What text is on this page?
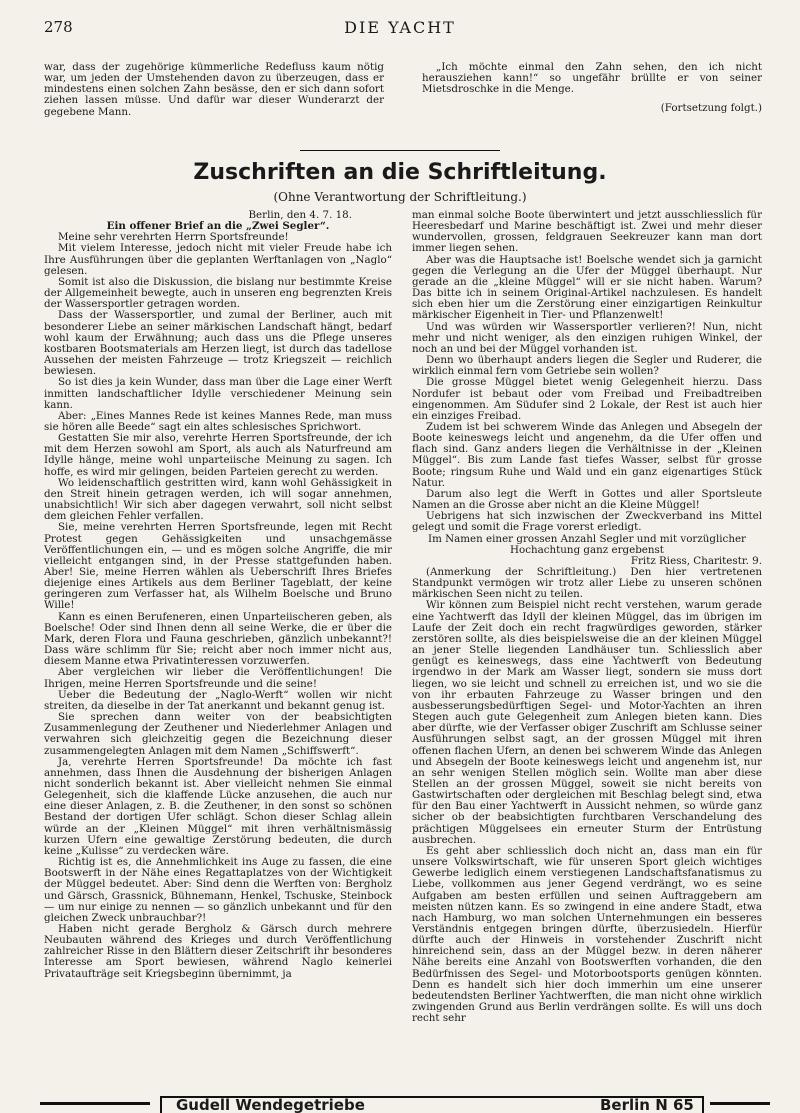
278	DIE YACHT

war, dass der zugehörige kümmerliche Redefluss kaum nötig war, um jeden der Umstehenden davon zu überzeugen, dass er mindestens einen solchen Zahn besässe, den er sich dann sofort ziehen lassen müsse. Und dafür war dieser Wunderarzt der gegebene Mann.

„Ich möchte einmal den Zahn sehen, den ich nicht herausziehen kann!“ so ungefähr brüllte er von seiner Mietsdroschke in die Menge.

(Fortsetzung folgt.)

Zuschriften an die Schriftleitung.
(Ohne Verantwortung der Schriftleitung.)

Berlin, den 4. 7. 18.

Ein offener Brief an die „Zwei Segler“.

Meine sehr verehrten Herrn Sportsfreunde!

Mit vielem Interesse, jedoch nicht mit vieler Freude habe ich Ihre Ausführungen über die geplanten Werftanlagen von „Naglo“ gelesen.

Somit ist also die Diskussion, die bislang nur bestimmte Kreise der Allgemeinheit bewegte, auch in unseren eng begrenzten Kreis der Wassersportler getragen worden.

Dass der Wassersportler, und zumal der Berliner, auch mit besonderer Liebe an seiner märkischen Landschaft hängt, bedarf wohl kaum der Erwähnung; auch dass uns die Pflege unseres kostbaren Bootsmaterials am Herzen liegt, ist durch das tadellose Aussehen der meisten Fahrzeuge — trotz Kriegszeit — reichlich bewiesen.

So ist dies ja kein Wunder, dass man über die Lage einer Werft inmitten landschaftlicher Idylle verschiedener Meinung sein kann.

Aber: „Eines Mannes Rede ist keines Mannes Rede, man muss sie hören alle Beede“ sagt ein altes schlesisches Sprichwort.

Gestatten Sie mir also, verehrte Herren Sportsfreunde, der ich mit dem Herzen sowohl am Sport, als auch als Naturfreund am Idylle hänge, meine wohl unparteiische Meinung zu sagen. Ich hoffe, es wird mir gelingen, beiden Parteien gerecht zu werden.

Wo leidenschaftlich gestritten wird, kann wohl Gehässigkeit in den Streit hinein getragen werden, ich will sogar annehmen, unabsichtlich! Wir sich aber dagegen verwahrt, soll nicht selbst dem gleichen Fehler verfallen.

Sie, meine verehrten Herren Sportsfreunde, legen mit Recht Protest gegen Gehässigkeiten und unsachgemässe Veröffentlichungen ein, — und es mögen solche Angriffe, die mir vielleicht entgangen sind, in der Presse stattgefunden haben. Aber! Sie, meine Herren wählen als Ueberschrift Ihres Briefes diejenige eines Artikels aus dem Berliner Tageblatt, der keine geringeren zum Verfasser hat, als Wilhelm Boelsche und Bruno Wille!

Kann es einen Berufeneren, einen Unparteiischeren geben, als Boelsche! Oder sind Ihnen denn all seine Werke, die er über die Mark, deren Flora und Fauna geschrieben, gänzlich unbekannt?! Dass wäre schlimm für Sie; reicht aber noch immer nicht aus, diesem Manne etwa Privatinteressen vorzuwerfen.

Aber vergleichen wir lieber die Veröffentlichungen! Die Ihrigen, meine Herren Sportsfreunde und die seine!

Ueber die Bedeutung der „Naglo-Werft“ wollen wir nicht streiten, da dieselbe in der Tat anerkannt und bekannt genug ist.

Sie sprechen dann weiter von der beabsichtigten Zusammenlegung der Zeuthener und Niederlehmer Anlagen und verwahren sich gleichzeitig gegen die Bezeichnung dieser zusammengelegten Anlagen mit dem Namen „Schiffswerft“.

Ja, verehrte Herren Sportsfreunde! Da möchte ich fast annehmen, dass Ihnen die Ausdehnung der bisherigen Anlagen nicht sonderlich bekannt ist. Aber vielleicht nehmen Sie einmal Gelegenheit, sich die klaffende Lücke anzusehen, die auch nur eine dieser Anlagen, z. B. die Zeuthener, in den sonst so schönen Bestand der dortigen Ufer schlägt. Schon dieser Schlag allein würde an der „Kleinen Müggel“ mit ihren verhältnismässig kurzen Ufern eine gewaltige Zerstörung bedeuten, die durch keine „Kulisse“ zu verdecken wäre.

Richtig ist es, die Annehmlichkeit ins Auge zu fassen, die eine Bootswerft in der Nähe eines Regattaplatzes von der Wichtigkeit der Müggel bedeutet. Aber: Sind denn die Werften von: Bergholz und Gärsch, Grassnick, Bühnemann, Henkel, Tschuske, Steinbock — um nur einige zu nennen — so gänzlich unbekannt und für den gleichen Zweck unbrauchbar?!

Haben nicht gerade Bergholz & Gärsch durch mehrere Neubauten während des Krieges und durch Veröffentlichung zahlreicher Risse in den Blättern dieser Zeitschrift ihr besonderes Interesse am Sport bewiesen, während Naglo keinerlei Privataufträge seit Kriegsbeginn übernimmt, ja

man einmal solche Boote überwintert und jetzt ausschliesslich für Heeresbedarf und Marine beschäftigt ist. Zwei und mehr dieser wundervollen, grossen, feldgrauen Seekreuzer kann man dort immer liegen sehen.

Aber was die Hauptsache ist! Boelsche wendet sich ja garnicht gegen die Verlegung an die Ufer der Müggel überhaupt. Nur gerade an die „kleine Müggel“ will er sie nicht haben. Warum? Das bitte ich in seinem Original-Artikel nachzulesen. Es handelt sich eben hier um die Zerstörung einer einzigartigen Reinkultur märkischer Eigenheit in Tier- und Pflanzenwelt!

Und was würden wir Wassersportler verlieren?! Nun, nicht mehr und nicht weniger, als den einzigen ruhigen Winkel, der noch an und bei der Müggel vorhanden ist.

Denn wo überhaupt anders liegen die Segler und Ruderer, die wirklich einmal fern vom Getriebe sein wollen?

Die grosse Müggel bietet wenig Gelegenheit hierzu. Dass Nordufer ist bebaut oder vom Freibad und Freibadtreiben eingenommen. Am Südufer sind 2 Lokale, der Rest ist auch hier ein einziges Freibad.

Zudem ist bei schwerem Winde das Anlegen und Absegeln der Boote keineswegs leicht und angenehm, da die Ufer offen und flach sind. Ganz anders liegen die Verhältnisse in der „Kleinen Müggel“. Bis zum Lande fast tiefes Wasser, selbst für grosse Boote; ringsum Ruhe und Wald und ein ganz eigenartiges Stück Natur.

Darum also legt die Werft in Gottes und aller Sportsleute Namen an die Grosse aber nicht an die Kleine Müggel!

Uebrigens hat sich inzwischen der Zweckverband ins Mittel gelegt und somit die Frage vorerst erledigt.

Im Namen einer grossen Anzahl Segler und mit vorzüglicher Hochachtung ganz ergebenst

Fritz Riess, Charitestr. 9.

(Anmerkung der Schriftleitung.) Den hier vertretenen Standpunkt vermögen wir trotz aller Liebe zu unseren schönen märkischen Seen nicht zu teilen.

Wir können zum Beispiel nicht recht verstehen, warum gerade eine Yachtwerft das Idyll der kleinen Müggel, das im übrigen im Laufe der Zeit doch ein recht fragwürdiges geworden, stärker zerstören sollte, als dies beispielsweise die an der kleinen Müggel an jener Stelle liegenden Landhäuser tun. Schliesslich aber genügt es keineswegs, dass eine Yachtwerft von Bedeutung irgendwo in der Mark am Wasser liegt, sondern sie muss dort liegen, wo sie leicht und schnell zu erreichen ist, und wo sie die von ihr erbauten Fahrzeuge zu Wasser bringen und den ausbesserungsbedürftigen Segel- und Motor-Yachten an ihren Stegen auch gute Gelegenheit zum Anlegen bieten kann. Dies aber dürfte, wie der Verfasser obiger Zuschrift am Schlusse seiner Ausführungen selbst sagt, an der grossen Müggel mit ihren offenen flachen Ufern, an denen bei schwerem Winde das Anlegen und Absegeln der Boote keineswegs leicht und angenehm ist, nur an sehr wenigen Stellen möglich sein. Wollte man aber diese Stellen an der grossen Müggel, soweit sie nicht bereits von Gastwirtschaften oder dergleichen mit Beschlag belegt sind, etwa für den Bau einer Yachtwerft in Aussicht nehmen, so würde ganz sicher ob der beabsichtigten furchtbaren Verschandelung des prächtigen Müggelsees ein erneuter Sturm der Entrüstung ausbrechen.

Es geht aber schliesslich doch nicht an, dass man ein für unsere Volkswirtschaft, wie für unseren Sport gleich wichtiges Gewerbe lediglich einem verstiegenen Landschaftsfanatismus zu Liebe, vollkommen aus jener Gegend verdrängt, wo es seine Aufgaben am besten erfüllen und seinen Auftraggebern am meisten nützen kann. Es so zwingend in eine andere Stadt, etwa nach Hamburg, wo man solchen Unternehmungen ein besseres Verständnis entgegen bringen dürfte, überzusiedeln. Hierfür dürfte auch der Hinweis in vorstehender Zuschrift nicht hinreichend sein, dass an der Müggel bezw. in deren näherer Nähe bereits eine Anzahl von Bootswerften vorhanden, die den Bedürfnissen des Segel- und Motorbootsports genügen könnten. Denn es handelt sich hier doch immerhin um eine unserer bedeutendsten Berliner Yachtwerften, die man nicht ohne wirklich zwingenden Grund aus Berlin verdrängen sollte. Es will uns doch recht sehr

Gudell Wendegetriebe	Berlin N 65
